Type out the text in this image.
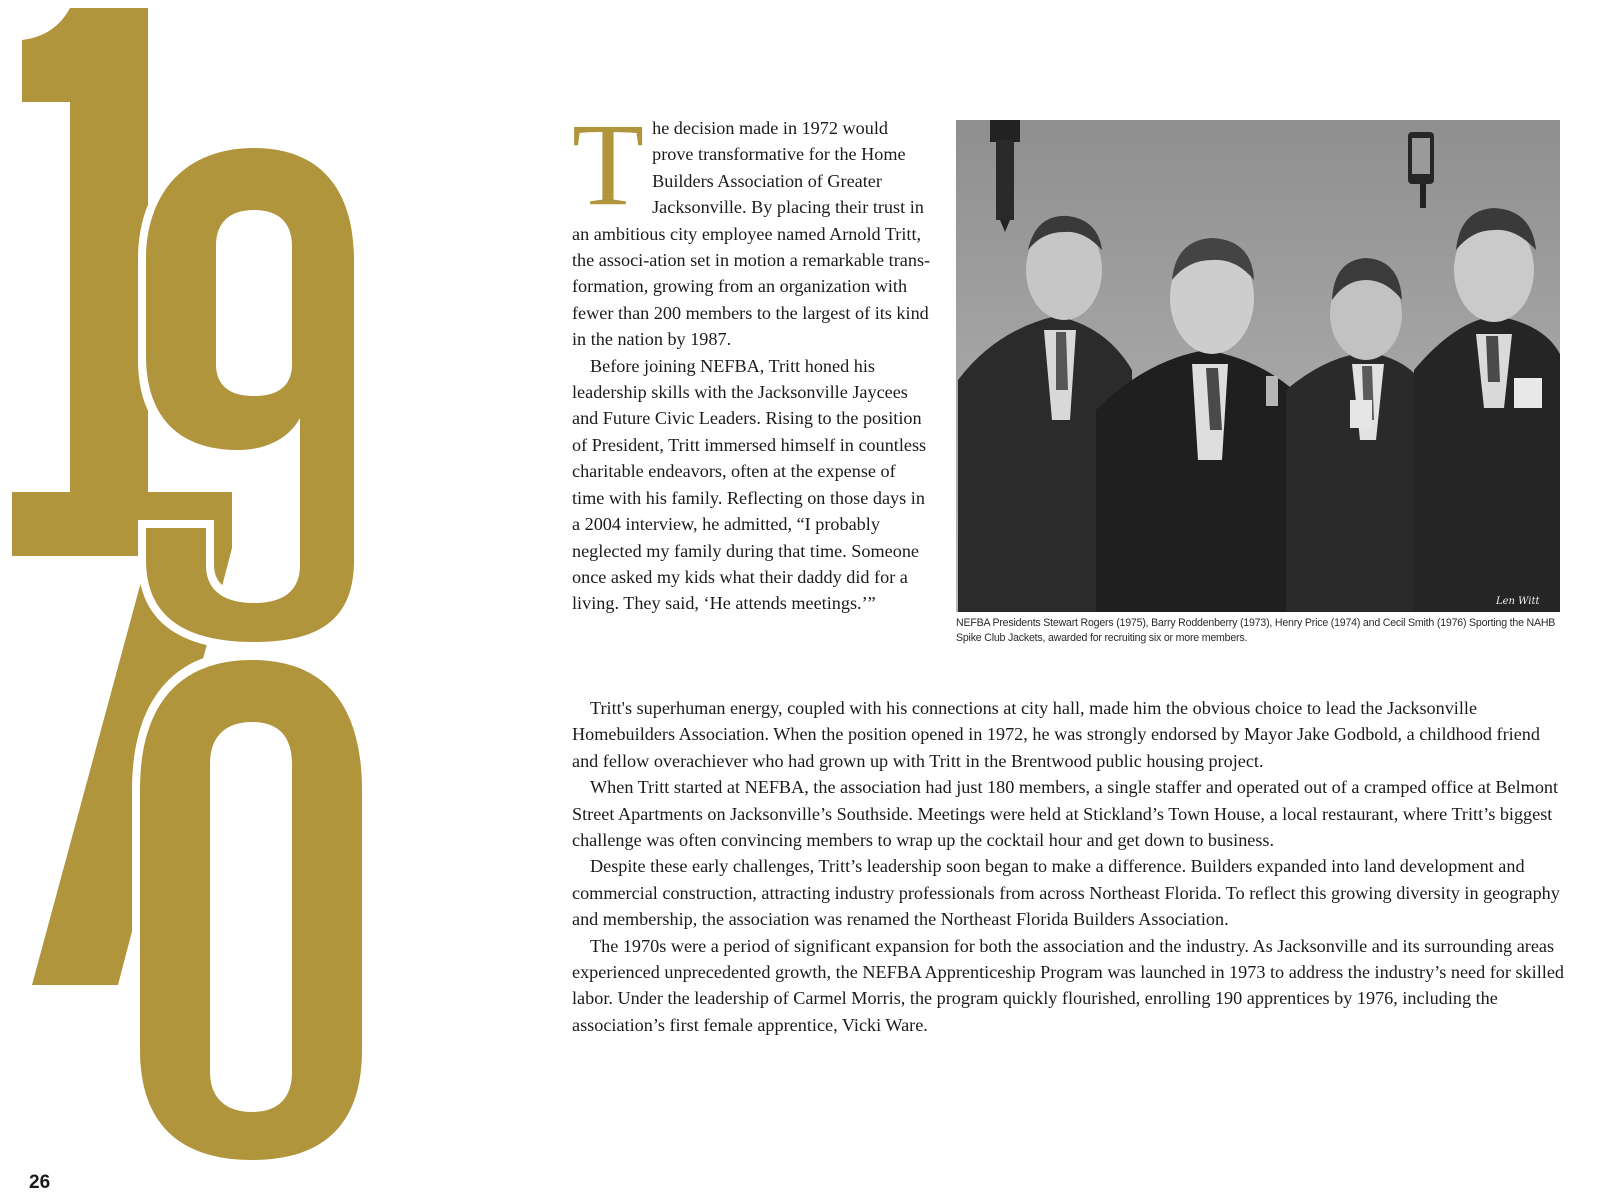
26

The decision made in 1972 would prove transformative for the Home Builders Association of Greater Jacksonville. By placing their trust in an ambitious city employee named Arnold Tritt, the associ-ation set in motion a remarkable trans-formation, growing from an organization with fewer than 200 members to the largest of its kind in the nation by 1987.

Before joining NEFBA, Tritt honed his leadership skills with the Jacksonville Jaycees and Future Civic Leaders. Rising to the position of President, Tritt immersed himself in countless charitable endeavors, often at the expense of time with his family. Reflecting on those days in a 2004 interview, he admitted, “I probably neglected my family during that time. Someone once asked my kids what their daddy did for a living. They said, ‘He attends meetings.’”

Tritt's superhuman energy, coupled with his connections at city hall, made him the obvious choice to lead the Jacksonville Homebuilders Association. When the position opened in 1972, he was strongly endorsed by Mayor Jake Godbold, a childhood friend and fellow overachiever who had grown up with Tritt in the Brentwood public housing project.

When Tritt started at NEFBA, the association had just 180 members, a single staffer and operated out of a cramped office at Belmont Street Apartments on Jacksonville’s Southside. Meetings were held at Stickland’s Town House, a local restaurant, where Tritt’s biggest challenge was often convincing members to wrap up the cocktail hour and get down to business.

Despite these early challenges, Tritt’s leadership soon began to make a difference. Builders expanded into land development and commercial construction, attracting industry professionals from across Northeast Florida. To reflect this growing diversity in geography and membership, the association was renamed the Northeast Florida Builders Association.

The 1970s were a period of significant expansion for both the association and the industry. As Jacksonville and its surrounding areas experienced unprecedented growth, the NEFBA Apprenticeship Program was launched in 1973 to address the industry’s need for skilled labor. Under the leadership of Carmel Morris, the program quickly flourished, enrolling 190 apprentices by 1976, including the association’s first female apprentice, Vicki Ware.

Len Witt
NEFBA Presidents Stewart Rogers (1975), Barry Roddenberry (1973), Henry Price (1974) and Cecil Smith (1976) Sporting the NAHB Spike Club Jackets, awarded for recruiting six or more members.
